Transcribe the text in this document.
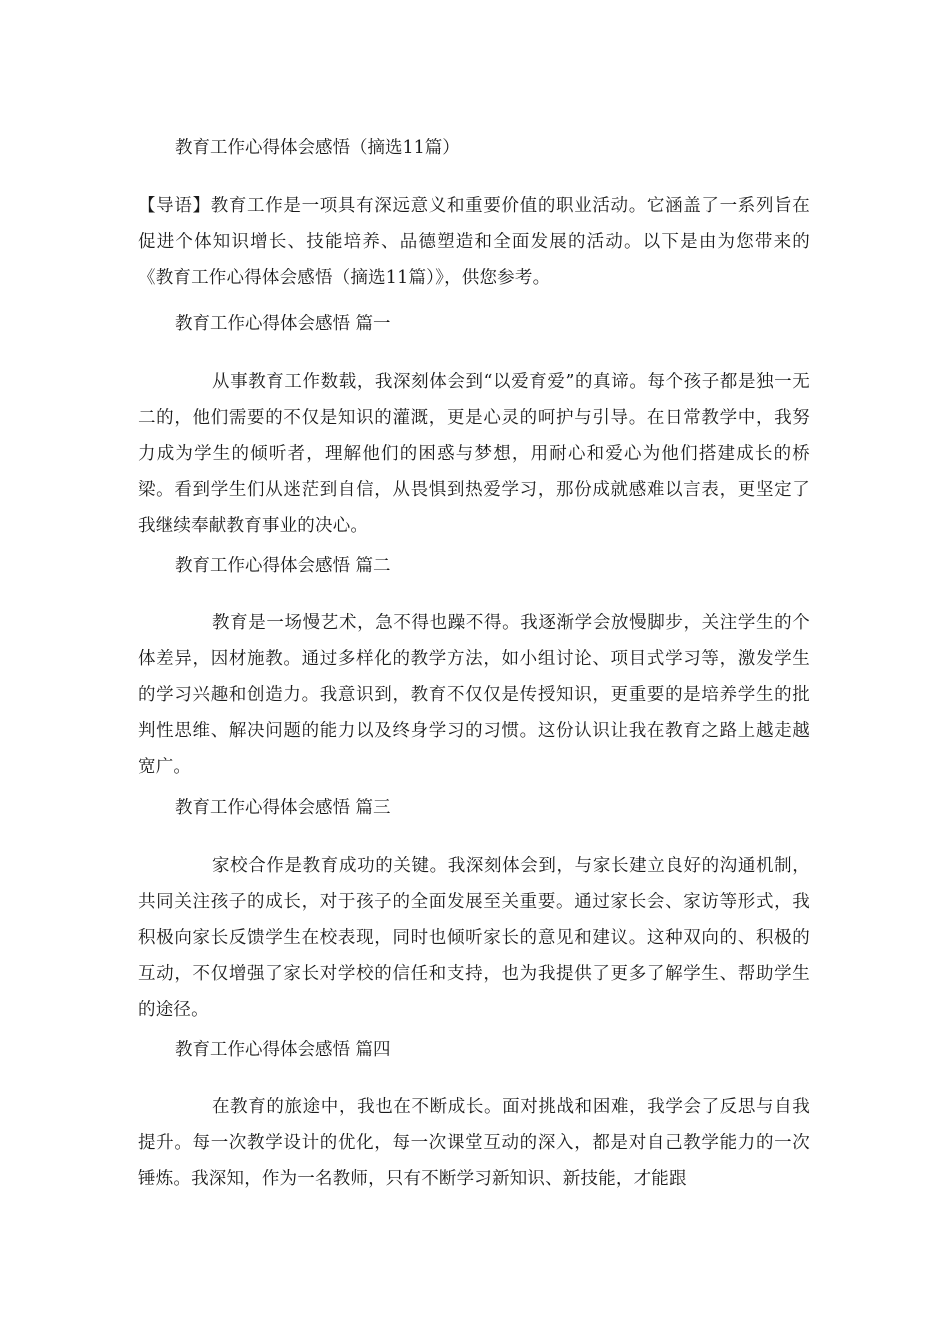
教育工作心得体会感悟（摘选11篇）

【导语】教育工作是一项具有深远意义和重要价值的职业活动。它涵盖了一系列旨在促进个体知识增长、技能培养、品德塑造和全面发展的活动。以下是由为您带来的《教育工作心得体会感悟（摘选11篇）》，供您参考。

教育工作心得体会感悟 篇一

从事教育工作数载，我深刻体会到“以爱育爱”的真谛。每个孩子都是独一无二的，他们需要的不仅是知识的灌溉，更是心灵的呵护与引导。在日常教学中，我努力成为学生的倾听者，理解他们的困惑与梦想，用耐心和爱心为他们搭建成长的桥梁。看到学生们从迷茫到自信，从畏惧到热爱学习，那份成就感难以言表，更坚定了我继续奉献教育事业的决心。

教育工作心得体会感悟 篇二

教育是一场慢艺术，急不得也躁不得。我逐渐学会放慢脚步，关注学生的个体差异，因材施教。通过多样化的教学方法，如小组讨论、项目式学习等，激发学生的学习兴趣和创造力。我意识到，教育不仅仅是传授知识，更重要的是培养学生的批判性思维、解决问题的能力以及终身学习的习惯。这份认识让我在教育之路上越走越宽广。

教育工作心得体会感悟 篇三

家校合作是教育成功的关键。我深刻体会到，与家长建立良好的沟通机制，共同关注孩子的成长，对于孩子的全面发展至关重要。通过家长会、家访等形式，我积极向家长反馈学生在校表现，同时也倾听家长的意见和建议。这种双向的、积极的互动，不仅增强了家长对学校的信任和支持，也为我提供了更多了解学生、帮助学生的途径。

教育工作心得体会感悟 篇四

在教育的旅途中，我也在不断成长。面对挑战和困难，我学会了反思与自我提升。每一次教学设计的优化，每一次课堂互动的深入，都是对自己教学能力的一次锤炼。我深知，作为一名教师，只有不断学习新知识、新技能，才能跟
